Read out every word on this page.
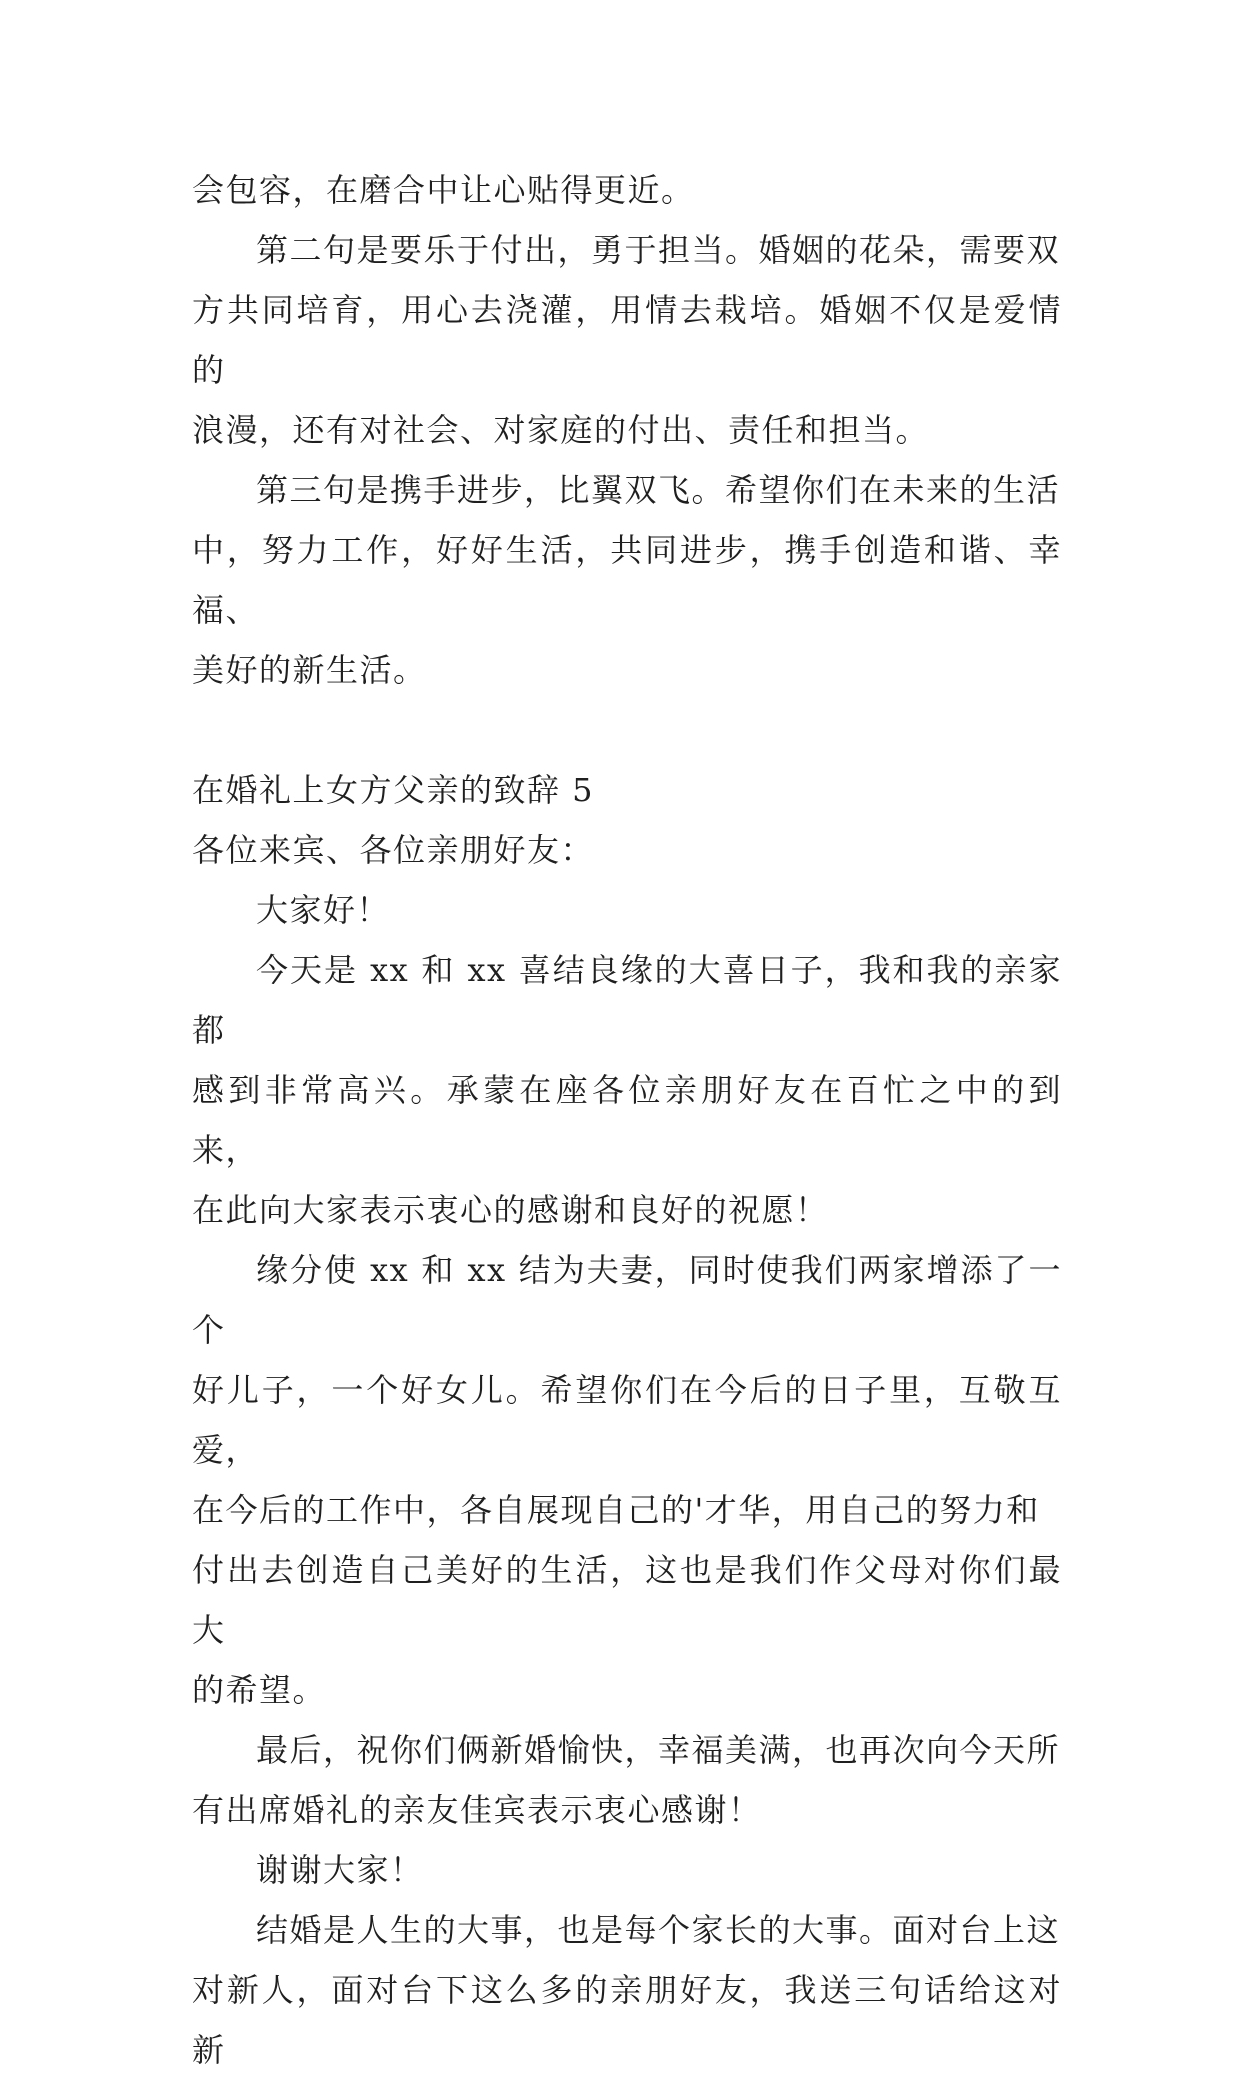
会包容，在磨合中让心贴得更近。

第二句是要乐于付出，勇于担当。婚姻的花朵，需要双
方共同培育，用心去浇灌，用情去栽培。婚姻不仅是爱情的
浪漫，还有对社会、对家庭的付出、责任和担当。

第三句是携手进步，比翼双飞。希望你们在未来的生活
中，努力工作，好好生活，共同进步，携手创造和谐、幸福、
美好的新生活。

在婚礼上女方父亲的致辞 5

各位来宾、各位亲朋好友：

大家好！

今天是 xx 和 xx 喜结良缘的大喜日子，我和我的亲家都
感到非常高兴。承蒙在座各位亲朋好友在百忙之中的到来，
在此向大家表示衷心的感谢和良好的祝愿！

缘分使 xx 和 xx 结为夫妻，同时使我们两家增添了一个
好儿子，一个好女儿。希望你们在今后的日子里，互敬互爱，
在今后的工作中，各自展现自己的'才华，用自己的努力和
付出去创造自己美好的生活，这也是我们作父母对你们最大
的希望。

最后，祝你们俩新婚愉快，幸福美满，也再次向今天所
有出席婚礼的亲友佳宾表示衷心感谢！

谢谢大家！

结婚是人生的大事，也是每个家长的大事。面对台上这
对新人，面对台下这么多的亲朋好友，我送三句话给这对新
